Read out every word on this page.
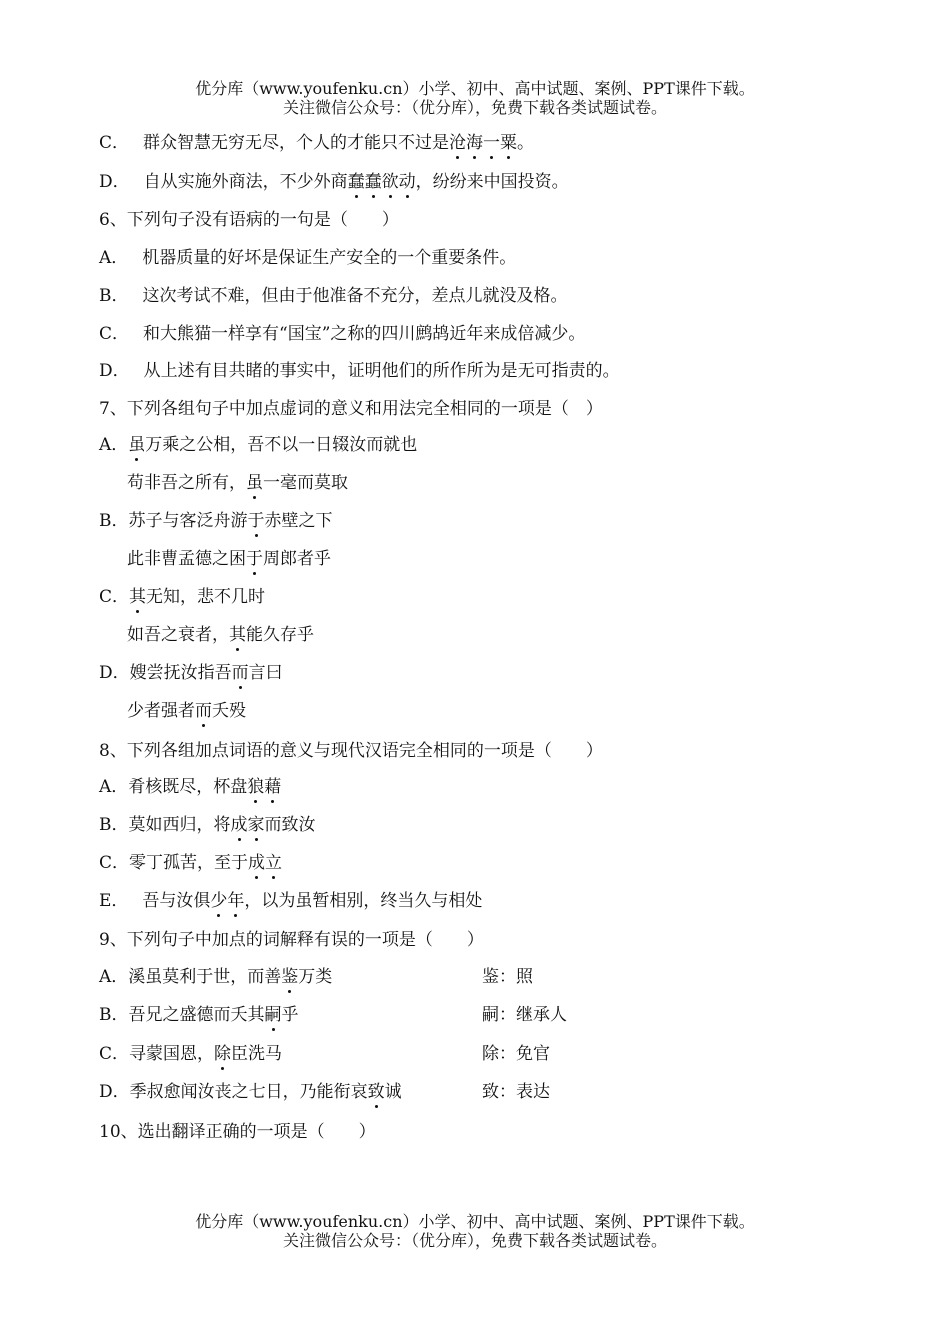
优分库（www.youfenku.cn）小学、初中、高中试题、案例、PPT课件下载。
关注微信公众号：（优分库），免费下载各类试题试卷。
C． 群众智慧无穷无尽，个人的才能只不过是沧海一粟。
D． 自从实施外商法，不少外商蠢蠢欲动，纷纷来中国投资。
6、下列句子没有语病的一句是（　　）
A． 机器质量的好坏是保证生产安全的一个重要条件。
B． 这次考试不难，但由于他准备不充分，差点儿就没及格。
C． 和大熊猫一样享有“国宝”之称的四川鹧鸪近年来成倍减少。
D． 从上述有目共睹的事实中，证明他们的所作所为是无可指责的。
7、下列各组句子中加点虚词的意义和用法完全相同的一项是（　）
A．虽万乘之公相，吾不以一日辍汝而就也
苟非吾之所有，虽一毫而莫取
B．苏子与客泛舟游于赤壁之下
此非曹孟德之困于周郎者乎
C．其无知，悲不几时
如吾之衰者，其能久存乎
D．嫂尝抚汝指吾而言曰
少者强者而夭殁
8、下列各组加点词语的意义与现代汉语完全相同的一项是（　　）
A．肴核既尽，杯盘狼藉
B．莫如西归，将成家而致汝
C．零丁孤苦，至于成立
E． 吾与汝俱少年，以为虽暂相别，终当久与相处
9、下列句子中加点的词解释有误的一项是（　　）
A．溪虽莫利于世，而善鉴万类	鉴：照
B．吾兄之盛德而夭其嗣乎	嗣：继承人
C．寻蒙国恩，除臣洗马	除：免官
D．季叔愈闻汝丧之七日，乃能衔哀致诚	致：表达
10、选出翻译正确的一项是（　　）
优分库（www.youfenku.cn）小学、初中、高中试题、案例、PPT课件下载。
关注微信公众号：（优分库），免费下载各类试题试卷。
